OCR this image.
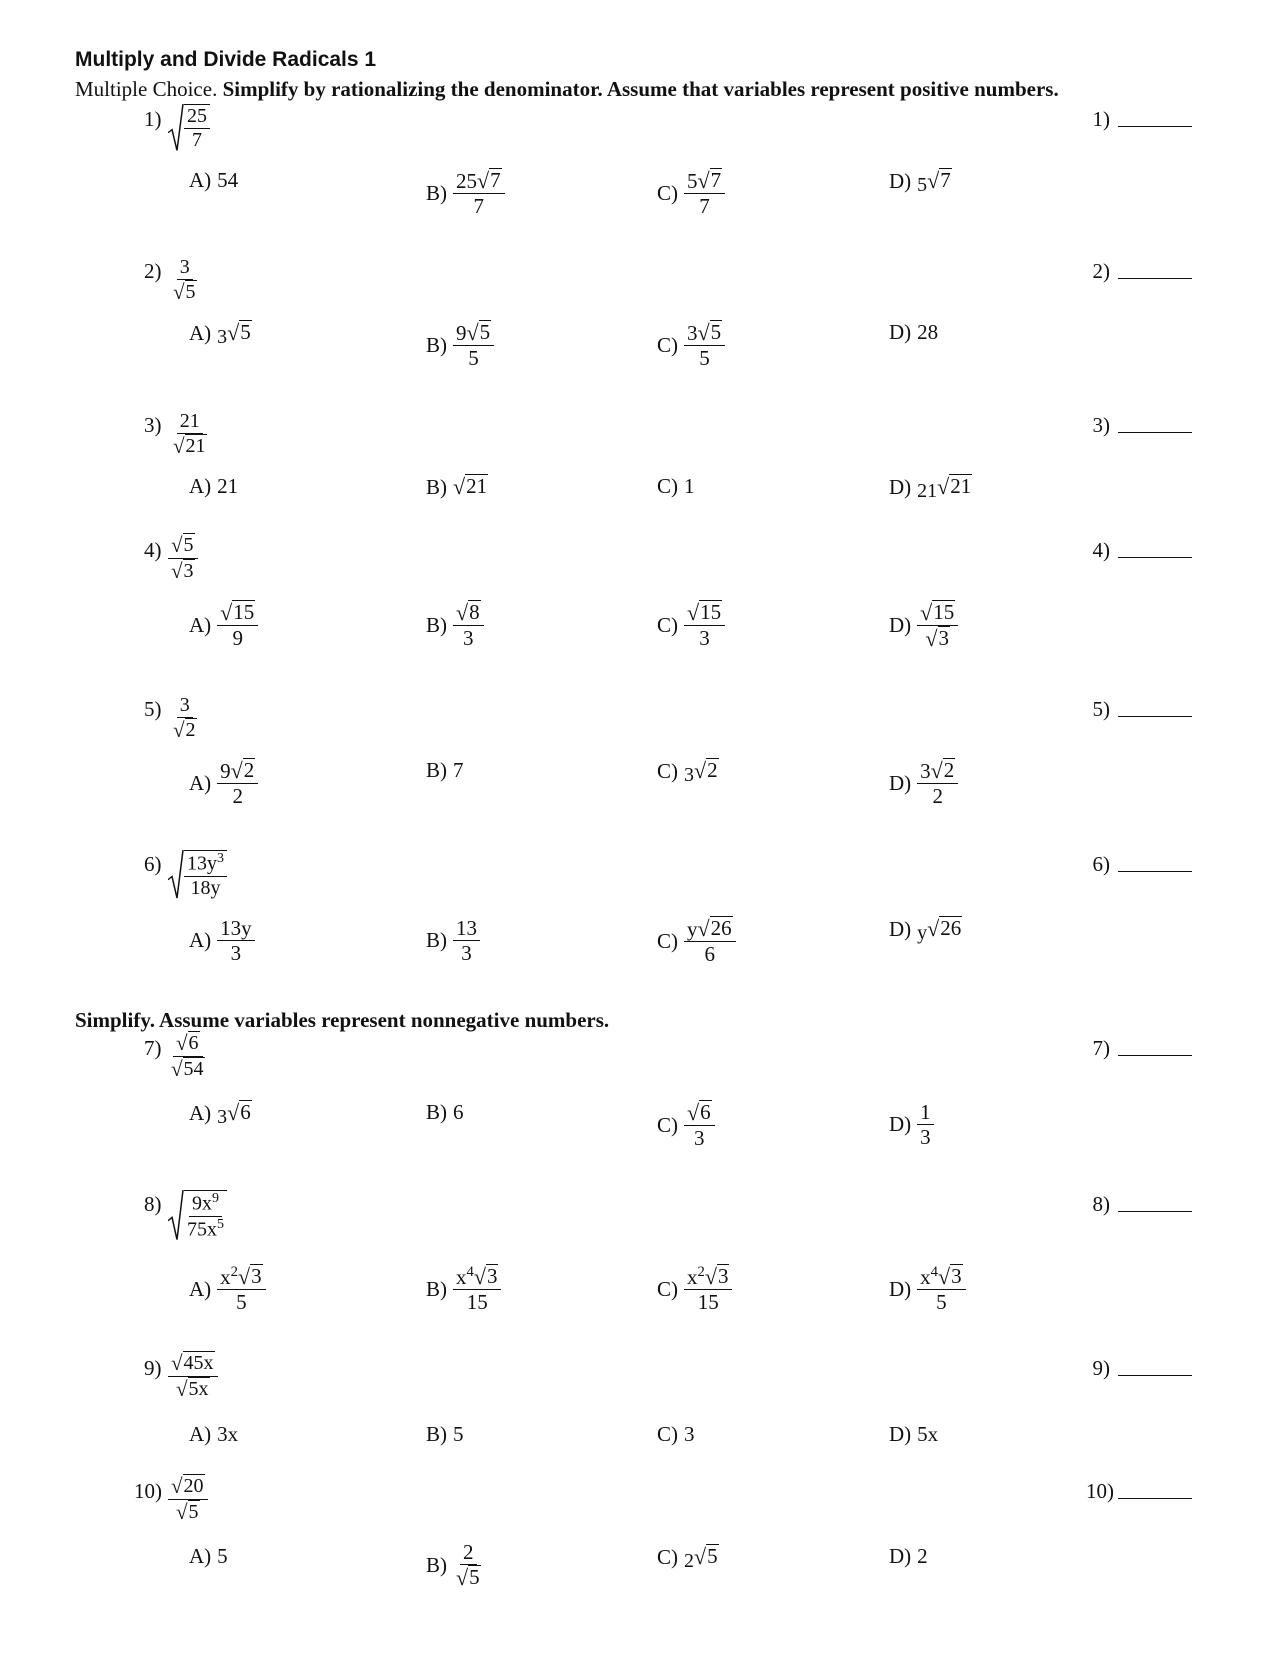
Multiply and Divide Radicals 1
Multiple Choice. Simplify by rationalizing the denominator. Assume that variables represent positive numbers.
$1) \frac{25}{7}$	1)
A) 54
$B) \frac{25 √ 7}{7}$	$C) \frac{5 √ 7}{7}$	D) 5 √ 7
$2) \frac{3}{√ 5}$	2)
A) 3 √ 5
$B) \frac{9 √ 5}{5}$	$C) \frac{3 √ 5}{5}$	D) 28
$3) \frac{21}{√ 21}$	3)
A) 21	B) √ 21	C) 1	D) 21 √ 21
$4) \frac{√ 5}{√ 3}$	4)
$A) \frac{√ 15}{9}$	$B) \frac{√ 8}{3}$	$C) \frac{√ 15}{3}$	$D) \frac{√ 15}{√ 3}$
$5) \frac{3}{√ 2}$	5)
$A) \frac{9 √ 2}{2}$	B) 7	C) 3 √ 2
$D) \frac{3 √ 2}{2}$
$6) \frac{13y^3}{18y}$	6)
$A) \frac{13y}{3}$	$B) \frac{13}{3}$	$C) \frac{y √ 26}{6}$	D) y √ 26
Simplify. Assume variables represent nonnegative numbers.
$7) \frac{√ 6}{√ 54}$	7)
A) 3 √ 6	B) 6
$C) \frac{√ 6}{3}$	$D) \frac{1}{3}$
$8) \frac{9x^9}{75x^5}$	8)
$A) \frac{x^2 √ 3}{5}$	$B) \frac{x^4 √ 3}{15}$	$C) \frac{x^2 √ 3}{15}$	$D) \frac{x^4 √ 3}{5}$
$9) \frac{√ 45x}{√ 5x}$	9)
A) 3x	B) 5	C) 3	D) 5x
$10) \frac{√ 20}{√ 5}$	10)
A) 5	$B) \frac{2}{√ 5}$	C) 2 √ 5	D) 2
